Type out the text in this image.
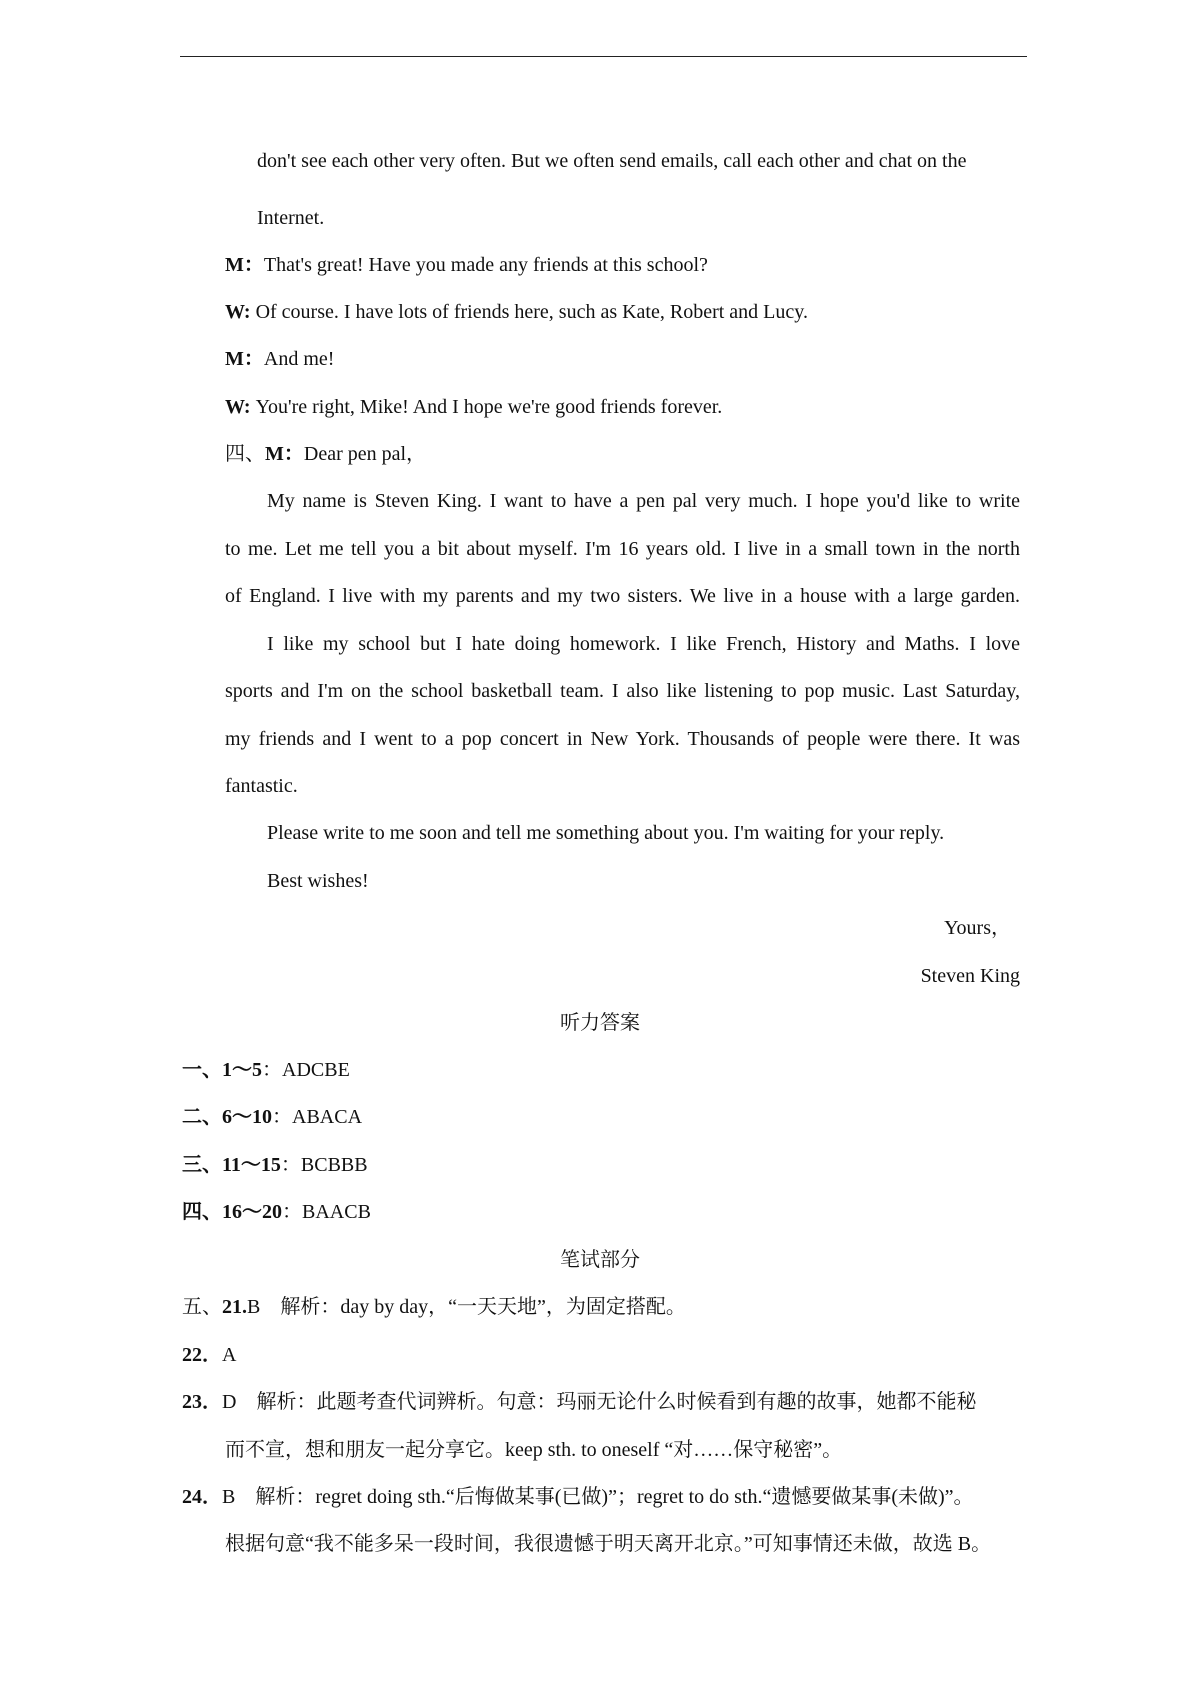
don't see each other very often. But we often send emails, call each other and chat on the
Internet.
M：That's great! Have you made any friends at this school?
W: Of course. I have lots of friends here, such as Kate, Robert and Lucy.
M：And me!
W: You're right, Mike! And I hope we're good friends forever.
四、M：Dear pen pal，
My name is Steven King. I want to have a pen pal very much. I hope you'd like to write
to me. Let me tell you a bit about myself. I'm 16 years old. I live in a small town in the north
of England. I live with my parents and my two sisters. We live in a house with a large garden.
I like my school but I hate doing homework. I like French, History and Maths. I love
sports and I'm on the school basketball team. I also like listening to pop music. Last Saturday,
my friends and I went to a pop concert in New York. Thousands of people were there. It was
fantastic.
Please write to me soon and tell me something about you. I'm waiting for your reply.
Best wishes!
Yours，
Steven King
听力答案
一、1～5：ADCBE
二、6～10：ABACA
三、11～15：BCBBB
四、16～20：BAACB
笔试部分
五、21.B　解析：day by day，“一天天地”，为固定搭配。
22．A
23．D　解析：此题考查代词辨析。句意：玛丽无论什么时候看到有趣的故事，她都不能秘
而不宣，想和朋友一起分享它。keep sth. to oneself “对……保守秘密”。
24．B　解析：regret doing sth.“后悔做某事(已做)”；regret to do sth.“遗憾要做某事(未做)”。
根据句意“我不能多呆一段时间，我很遗憾于明天离开北京。”可知事情还未做，故选 B。
